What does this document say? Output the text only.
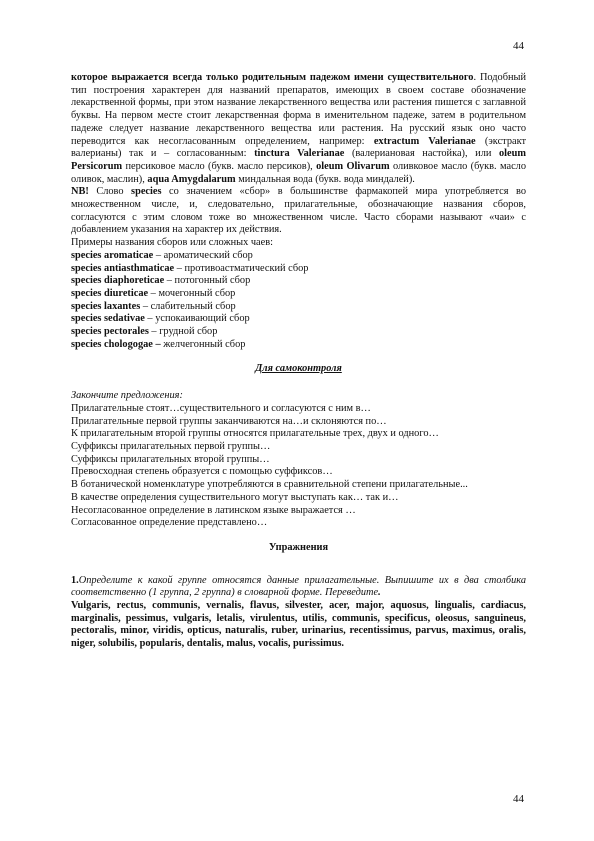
44

которое выражается всегда только родительным падежом имени существительного. Подобный тип построения характерен для названий препаратов, имеющих в своем составе обозначение лекарственной формы, при этом название лекарственного вещества или растения пишется с заглавной буквы. На первом месте стоит лекарственная форма в именительном падеже, затем в родительном падеже следует название лекарственного вещества или растения. На русский язык оно часто переводится как несогласованным определением, например: extractum Valerianae (экстракт валерианы) так и – согласованным: tinctura Valerianae (валериановая настойка), или oleum Persicorum персиковое масло (букв. масло персиков), oleum Olivarum оливковое масло (букв. масло оливок, маслин), aqua Amygdalarum миндальная вода (букв. вода миндалей).

NB! Слово species со значением «сбор» в большинстве фармакопей мира употребляется во множественном числе, и, следовательно, прилагательные, обозначающие названия сборов, согласуются с этим словом тоже во множественном числе. Часто сборами называют «чаи» с добавлением указания на характер их действия.

Примеры названия сборов или сложных чаев:

species aromaticae – ароматический сбор

species antiasthmaticae – противоастматический сбор

species diaphoreticae – потогонный сбор

species diureticae – мочегонный сбор

species laxantes – слабительный сбор

species sedativae – успокаивающий сбор

species pectorales – грудной сбор

species chologogae – желчегонный сбор

Для самоконтроля

Закончите предложения:

Прилагательные стоят…существительного и согласуются с ним в…

Прилагательные первой группы заканчиваются на…и склоняются по…

К прилагательным второй группы относятся прилагательные трех, двух и одного…

Суффиксы прилагательных первой группы…

Суффиксы прилагательных второй группы…

Превосходная степень образуется с помощью суффиксов…

В ботанической номенклатуре употребляются в сравнительной степени прилагательные...

В качестве определения существительного могут выступать как… так и…

Несогласованное определение в латинском языке выражается …

Согласованное определение представлено…

Упражнения

1.Определите к какой группе относятся данные прилагательные. Выпишите их в два столбика соответственно (1 группа, 2 группа) в словарной форме. Переведите.

Vulgaris, rectus, communis, vernalis, flavus, silvester, acer, major, aquosus, lingualis, cardiacus, marginalis, pessimus, vulgaris, letalis, virulentus, utilis, communis, specificus, oleosus, sanguineus, pectoralis, minor, viridis, opticus, naturalis, ruber, urinarius, recentissimus, parvus, maximus, oralis, niger, solubilis, popularis, dentalis, malus, vocalis, purissimus.

44
